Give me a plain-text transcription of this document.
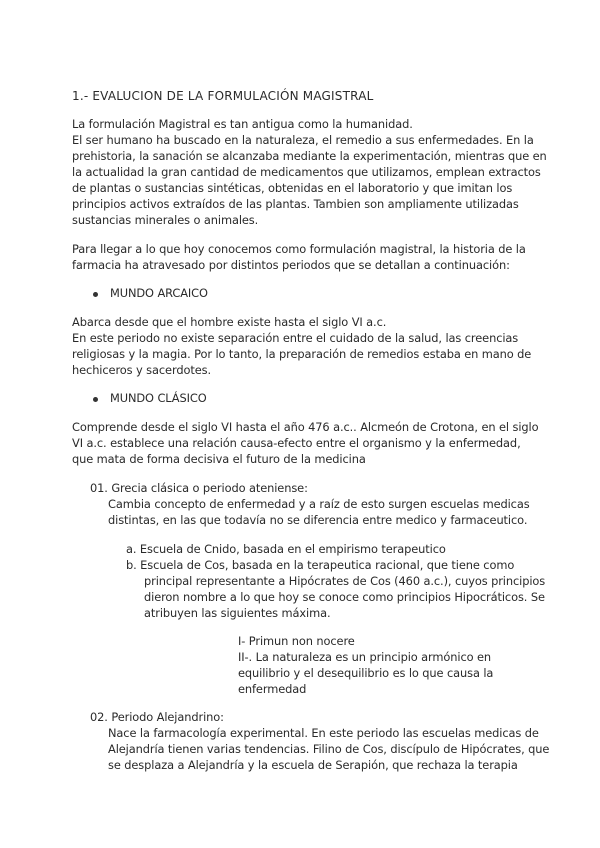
1.- EVALUCION DE LA FORMULACIÓN MAGISTRAL
La formulación Magistral es tan antigua como la humanidad.
El ser humano ha buscado en la naturaleza, el remedio a sus enfermedades. En la
prehistoria, la sanación se alcanzaba mediante la experimentación, mientras que en
la actualidad la gran cantidad de medicamentos que utilizamos, emplean extractos
de plantas o sustancias sintéticas, obtenidas en el laboratorio y que imitan los
principios activos extraídos de las plantas. Tambien son ampliamente utilizadas
sustancias minerales o animales.
Para llegar a lo que hoy conocemos como formulación magistral, la historia de la
farmacia ha atravesado por distintos periodos que se detallan a continuación:
MUNDO ARCAICO
Abarca desde que el hombre existe hasta el siglo VI a.c.
En este periodo no existe separación entre el cuidado de la salud, las creencias
religiosas y la magia. Por lo tanto, la preparación de remedios estaba en mano de
hechiceros y sacerdotes.
MUNDO CLÁSICO
Comprende desde el siglo VI hasta el año 476 a.c.. Alcmeón de Crotona, en el siglo
VI a.c. establece una relación causa-efecto entre el organismo y la enfermedad,
que mata de forma decisiva el futuro de la medicina
01. Grecia clásica o periodo ateniense:
Cambia concepto de enfermedad y a raíz de esto surgen escuelas medicas
distintas, en las que todavía no se diferencia entre medico y farmaceutico.
a. Escuela de Cnido, basada en el empirismo terapeutico
b. Escuela de Cos, basada en la terapeutica racional, que tiene como
principal representante a Hipócrates de Cos (460 a.c.), cuyos principios
dieron nombre a lo que hoy se conoce como principios Hipocráticos. Se
atribuyen las siguientes máxima.
I- Primun non nocere
II-. La naturaleza es un principio armónico en
equilibrio y el desequilibrio es lo que causa la
enfermedad
02. Periodo Alejandrino:
Nace la farmacología experimental. En este periodo las escuelas medicas de
Alejandría tienen varias tendencias. Filino de Cos, discípulo de Hipócrates, que
se desplaza a Alejandría y la escuela de Serapión, que rechaza la terapia
